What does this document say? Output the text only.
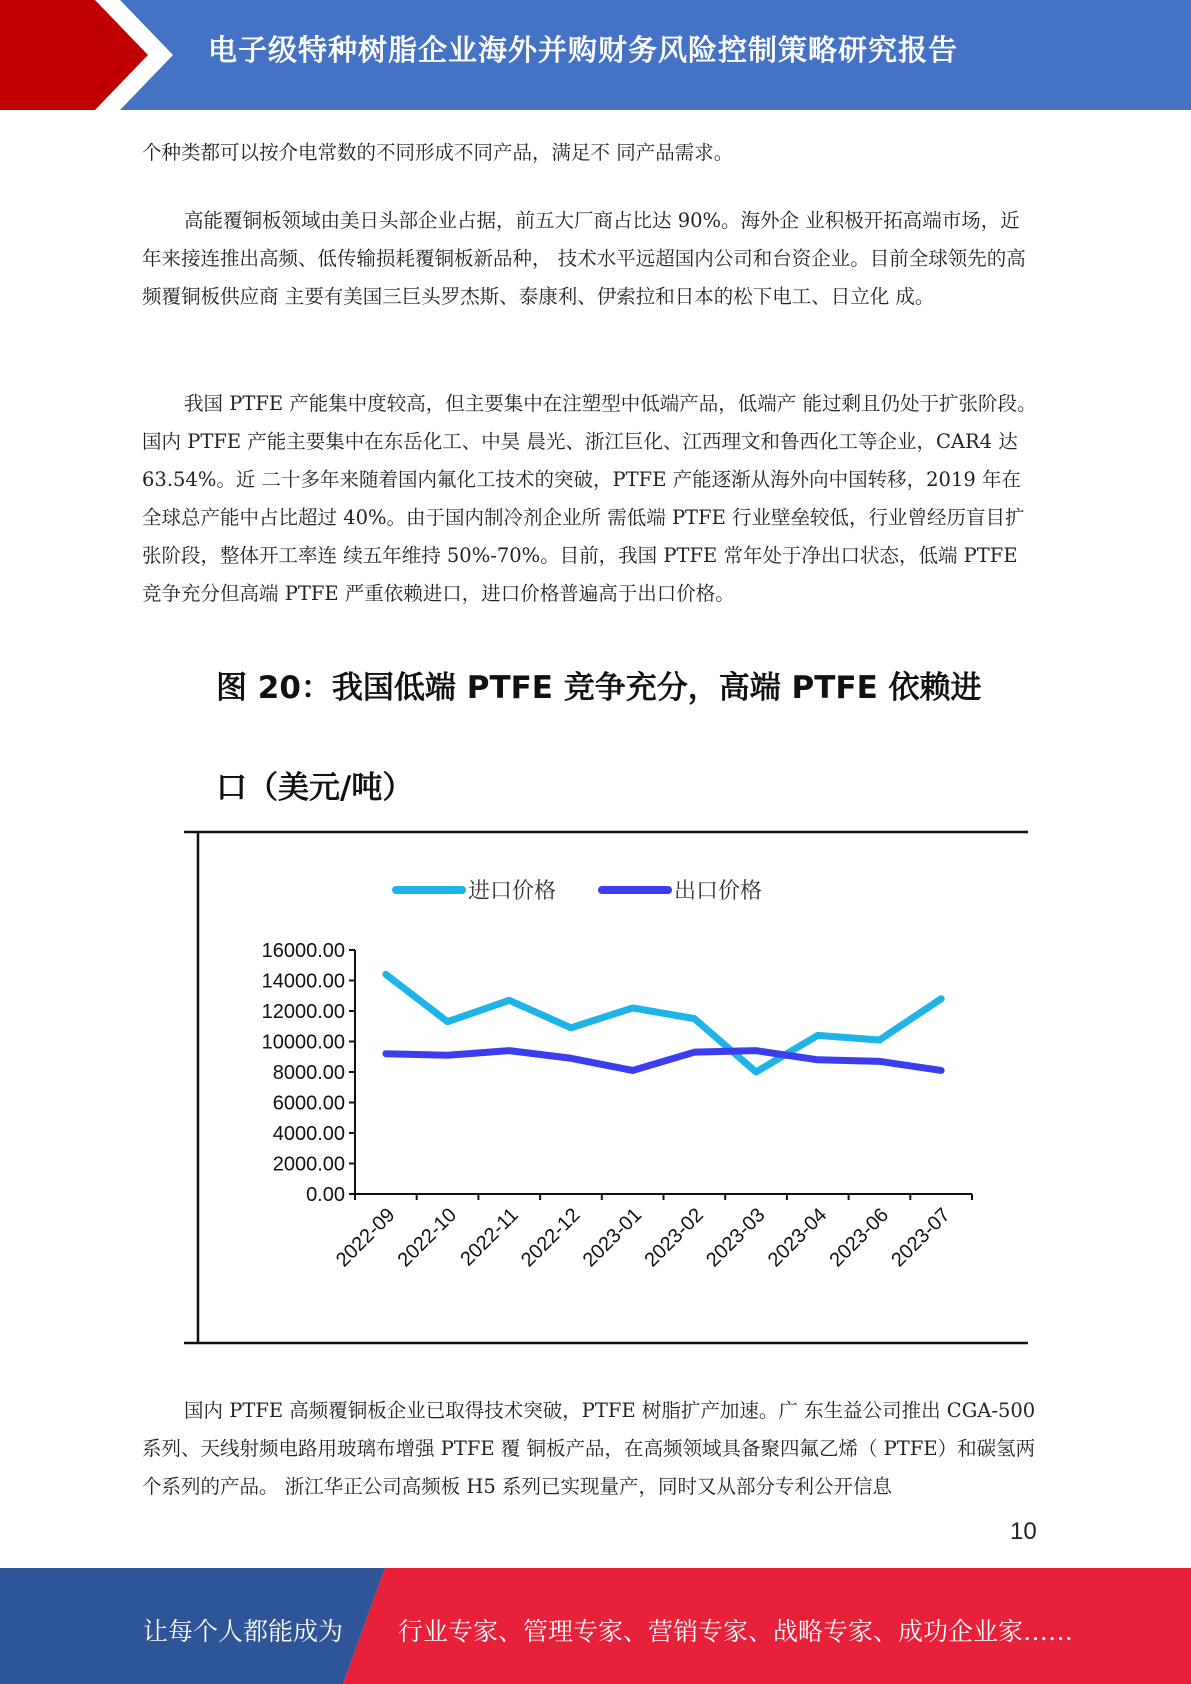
电子级特种树脂企业海外并购财务风险控制策略研究报告

个种类都可以按介电常数的不同形成不同产品，满足不 同产品需求。

高能覆铜板领域由美日头部企业占据，前五大厂商占比达 90%。海外企 业积极开拓高端市场，近年来接连推出高频、低传输损耗覆铜板新品种， 技术水平远超国内公司和台资企业。目前全球领先的高频覆铜板供应商 主要有美国三巨头罗杰斯、泰康利、伊索拉和日本的松下电工、日立化 成。

我国 PTFE 产能集中度较高，但主要集中在注塑型中低端产品，低端产 能过剩且仍处于扩张阶段。国内 PTFE 产能主要集中在东岳化工、中昊 晨光、浙江巨化、江西理文和鲁西化工等企业，CAR4 达 63.54%。近 二十多年来随着国内氟化工技术的突破，PTFE 产能逐渐从海外向中国转移，2019 年在全球总产能中占比超过 40%。由于国内制冷剂企业所 需低端 PTFE 行业壁垒较低，行业曾经历盲目扩张阶段，整体开工率连 续五年维持 50%-70%。目前，我国 PTFE 常年处于净出口状态，低端 PTFE 竞争充分但高端 PTFE 严重依赖进口，进口价格普遍高于出口价格。

图 20：我国低端 PTFE 竞争充分，高端 PTFE 依赖进
口（美元/吨）
进口价格	出口价格
0.00
2000.00
4000.00
6000.00
8000.00
10000.00
12000.00
14000.00
16000.00
2022-09
2022-10
2022-11
2022-12
2023-01
2023-02
2023-03
2023-04
2023-06
2023-07

国内 PTFE 高频覆铜板企业已取得技术突破，PTFE 树脂扩产加速。广 东生益公司推出 CGA-500 系列、天线射频电路用玻璃布增强 PTFE 覆 铜板产品，在高频领域具备聚四氟乙烯（ PTFE）和碳氢两个系列的产品。 浙江华正公司高频板 H5 系列已实现量产，同时又从部分专利公开信息

10
让每个人都能成为 行业专家、管理专家、营销专家、战略专家、成功企业家……
